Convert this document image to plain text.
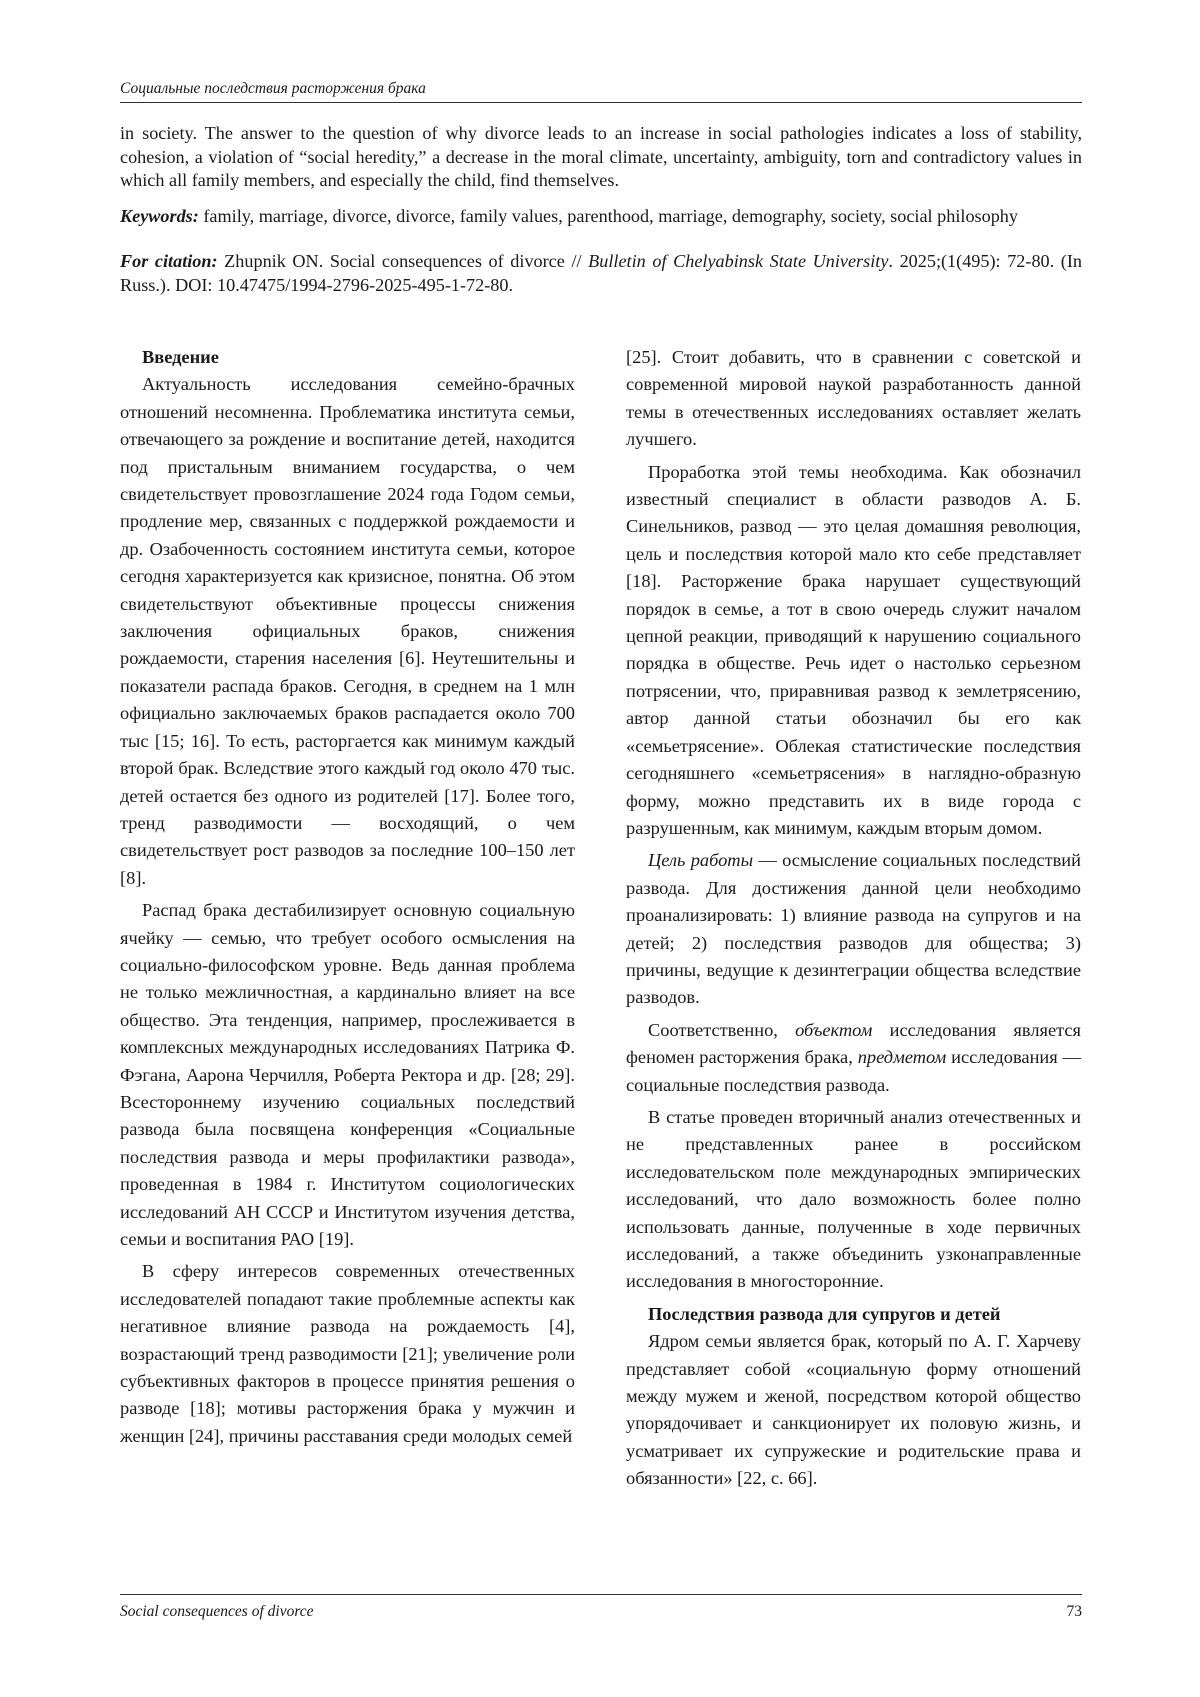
Социальные последствия расторжения брака

in society. The answer to the question of why divorce leads to an increase in social pathologies indicates a loss of stability, cohesion, a violation of “social heredity,” a decrease in the moral climate, uncertainty, ambiguity, torn and contradictory values in which all family members, and especially the child, find themselves.

Keywords: family, marriage, divorce, divorce, family values, parenthood, marriage, demography, society, social philosophy

For citation: Zhupnik ON. Social consequences of divorce // Bulletin of Chelyabinsk State University. 2025;(1(495): 72-80. (In Russ.). DOI: 10.47475/1994-2796-2025-495-1-72-80.

Введение

Актуальность исследования семейно-брачных отношений несомненна. Проблематика института семьи, отвечающего за рождение и воспитание детей, находится под пристальным вниманием государства, о чем свидетельствует провозглашение 2024 года Годом семьи, продление мер, связанных с поддержкой рождаемости и др. Озабоченность состоянием института семьи, которое сегодня характеризуется как кризисное, понятна. Об этом свидетельствуют объективные процессы снижения заключения официальных браков, снижения рождаемости, старения населения [6]. Неутешительны и показатели распада браков. Сегодня, в среднем на 1 млн официально заключаемых браков распадается около 700 тыс [15; 16]. То есть, расторгается как минимум каждый второй брак. Вследствие этого каждый год около 470 тыс. детей остается без одного из родителей [17]. Более того, тренд разводимости — восходящий, о чем свидетельствует рост разводов за последние 100–150 лет [8].

Распад брака дестабилизирует основную социальную ячейку — семью, что требует особого осмысления на социально-философском уровне. Ведь данная проблема не только межличностная, а кардинально влияет на все общество. Эта тенденция, например, прослеживается в комплексных международных исследованиях Патрика Ф. Фэгана, Аарона Черчилля, Роберта Ректора и др. [28; 29]. Всестороннему изучению социальных последствий развода была посвящена конференция «Социальные последствия развода и меры профилактики развода», проведенная в 1984 г. Институтом социологических исследований АН СССР и Институтом изучения детства, семьи и воспитания РАО [19].

В сферу интересов современных отечественных исследователей попадают такие проблемные аспекты как негативное влияние развода на рождаемость [4], возрастающий тренд разводимости [21]; увеличение роли субъективных факторов в процессе принятия решения о разводе [18]; мотивы расторжения брака у мужчин и женщин [24], причины расставания среди молодых семей

[25]. Стоит добавить, что в сравнении с советской и современной мировой наукой разработанность данной темы в отечественных исследованиях оставляет желать лучшего.

Проработка этой темы необходима. Как обозначил известный специалист в области разводов А. Б. Синельников, развод — это целая домашняя революция, цель и последствия которой мало кто себе представляет [18]. Расторжение брака нарушает существующий порядок в семье, а тот в свою очередь служит началом цепной реакции, приводящий к нарушению социального порядка в обществе. Речь идет о настолько серьезном потрясении, что, приравнивая развод к землетрясению, автор данной статьи обозначил бы его как «семьетрясение». Облекая статистические последствия сегодняшнего «семьетрясения» в наглядно-образную форму, можно представить их в виде города с разрушенным, как минимум, каждым вторым домом.

Цель работы — осмысление социальных последствий развода. Для достижения данной цели необходимо проанализировать: 1) влияние развода на супругов и на детей; 2) последствия разводов для общества; 3) причины, ведущие к дезинтеграции общества вследствие разводов.

Соответственно, объектом исследования является феномен расторжения брака, предметом исследования — социальные последствия развода.

В статье проведен вторичный анализ отечественных и не представленных ранее в российском исследовательском поле международных эмпирических исследований, что дало возможность более полно использовать данные, полученные в ходе первичных исследований, а также объединить узконаправленные исследования в многосторонние.

Последствия развода для супругов и детей

Ядром семьи является брак, который по А. Г. Харчеву представляет собой «социальную форму отношений между мужем и женой, посредством которой общество упорядочивает и санкционирует их половую жизнь, и усматривает их супружеские и родительские права и обязанности» [22, с. 66].

Social consequences of divorce	73
